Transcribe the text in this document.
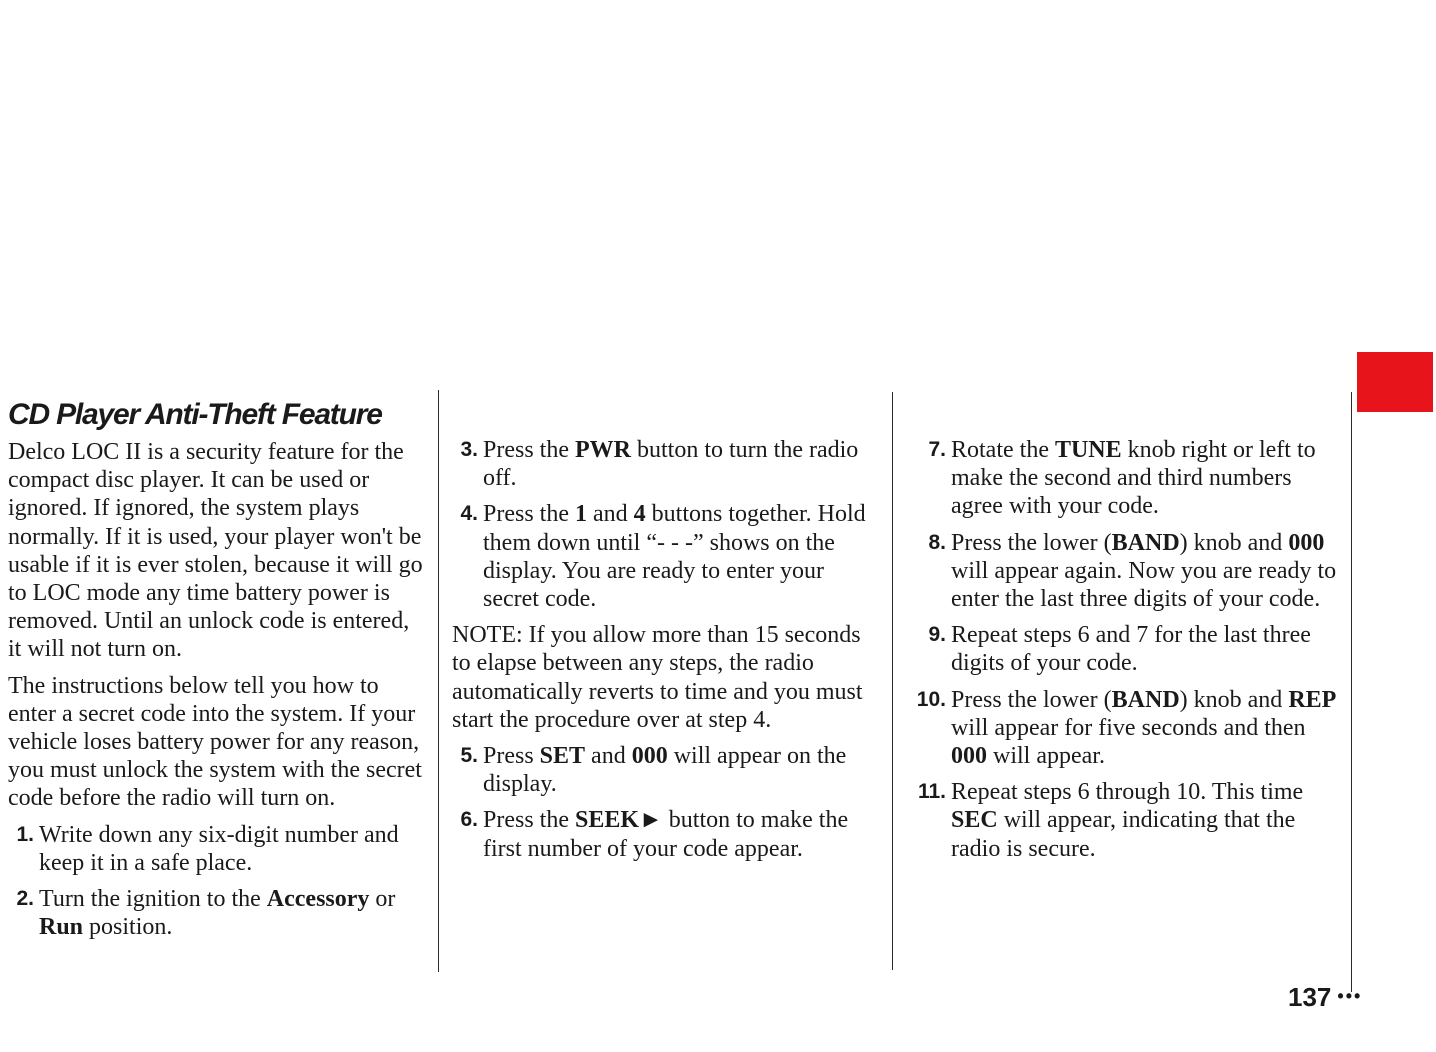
CD Player Anti-Theft Feature

Delco LOC II is a security feature for the compact disc player. It can be used or ignored. If ignored, the system plays normally. If it is used, your player won't be usable if it is ever stolen, because it will go to LOC mode any time battery power is removed. Until an unlock code is entered, it will not turn on.

The instructions below tell you how to enter a secret code into the system. If your vehicle loses battery power for any reason, you must unlock the system with the secret code before the radio will turn on.

1. Write down any six-digit number and keep it in a safe place.
2. Turn the ignition to the Accessory or Run position.
3. Press the PWR button to turn the radio off.
4. Press the 1 and 4 buttons together. Hold them down until “- - -” shows on the display. You are ready to enter your secret code.

NOTE: If you allow more than 15 seconds to elapse between any steps, the radio automatically reverts to time and you must start the procedure over at step 4.

5. Press SET and 000 will appear on the display.
6. Press the SEEK► button to make the first number of your code appear.
7. Rotate the TUNE knob right or left to make the second and third numbers agree with your code.
8. Press the lower (BAND) knob and 000 will appear again. Now you are ready to enter the last three digits of your code.
9. Repeat steps 6 and 7 for the last three digits of your code.
10. Press the lower (BAND) knob and REP will appear for five seconds and then 000 will appear.
11. Repeat steps 6 through 10. This time SEC will appear, indicating that the radio is secure.
137 •••
